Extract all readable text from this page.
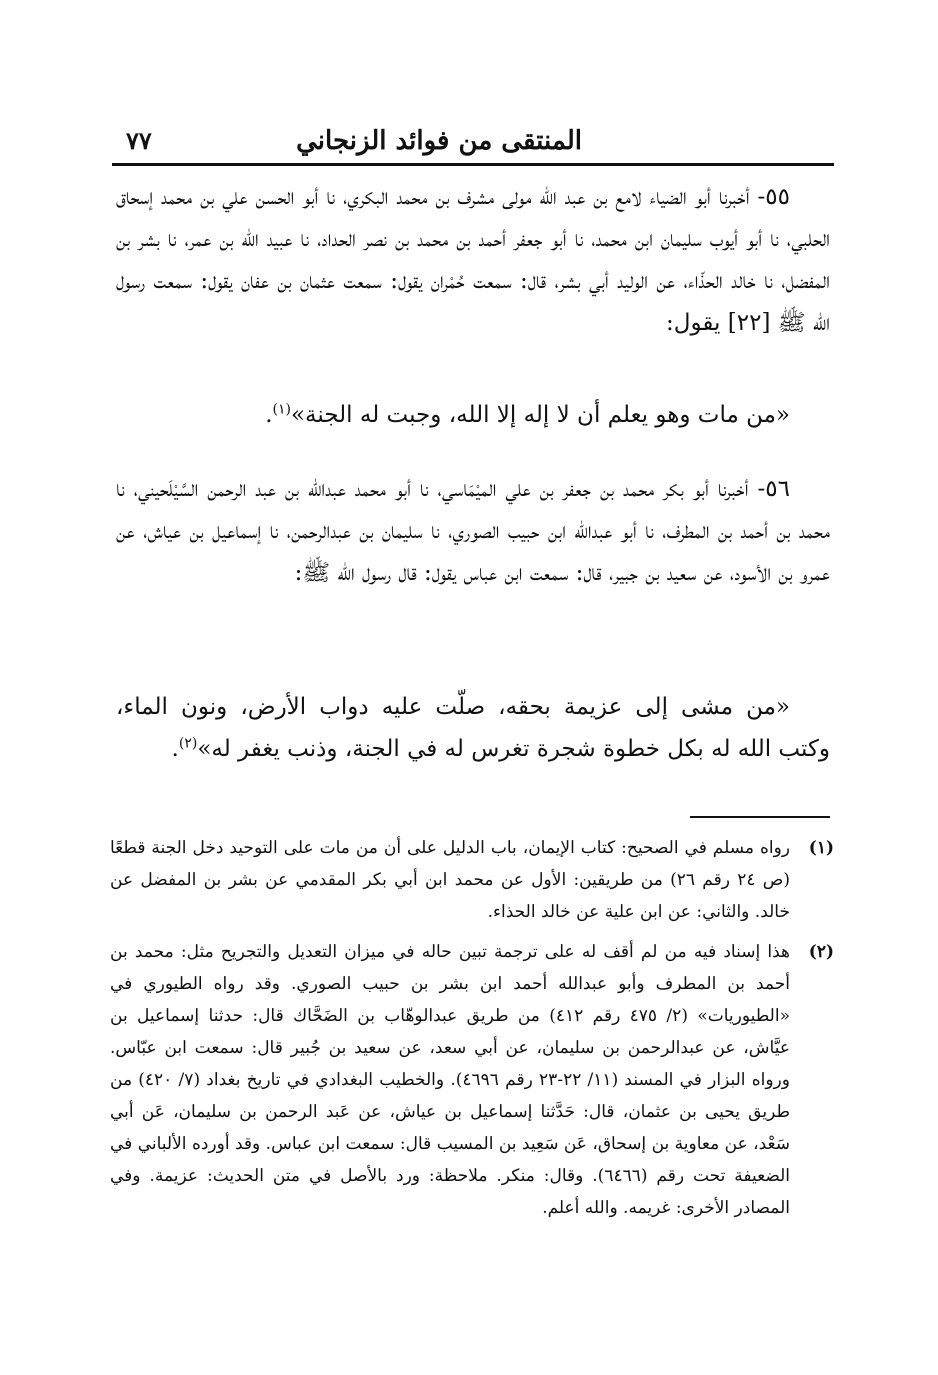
المنتقى من فوائد الزنجاني
٧٧

٥٥- أخبرنا أبو الضياء لامع بن عبد الله مولى مشرف بن محمد البكري، نا أبو الحسن علي بن محمد إسحاق الحلبي، نا أبو أيوب سليمان ابن محمد، نا أبو جعفر أحمد بن محمد بن نصر الحداد، نا عبيد الله بن عمر، نا بشر بن المفضل، نا خالد الحذّاء، عن الوليد أبي بشر، قال: سمعت حُمْران يقول: سمعت عثمان بن عفان يقول: سمعت رسول الله ﷺ [٢٢] يقول:

«من مات وهو يعلم أن لا إله إلا الله، وجبت له الجنة»$^{(١)}$.

٥٦- أخبرنا أبو بكر محمد بن جعفر بن علي الميْمَاسي، نا أبو محمد عبدالله بن عبد الرحمن السَّيْلَحيني، نا محمد بن أحمد بن المطرف، نا أبو عبدالله ابن حبيب الصوري، نا سليمان بن عبدالرحمن، نا إسماعيل بن عياش، عن عمرو بن الأسود، عن سعيد بن جبير، قال: سمعت ابن عباس يقول: قال رسول الله ﷺ:

«من مشى إلى عزيمة بحقه، صلّت عليه دواب الأرض، ونون الماء، وكتب الله له بكل خطوة شجرة تغرس له في الجنة، وذنب يغفر له»$^{(٢)}$.

(١)
رواه مسلم في الصحيح: كتاب الإيمان، باب الدليل على أن من مات على التوحيد دخل الجنة قطعًا (ص ٢٤ رقم ٢٦) من طريقين: الأول عن محمد ابن أبي بكر المقدمي عن بشر بن المفضل عن خالد. والثاني: عن ابن علية عن خالد الحذاء.
(٢)
هذا إسناد فيه من لم أقف له على ترجمة تبين حاله في ميزان التعديل والتجريح مثل: محمد بن أحمد بن المطرف وأبو عبدالله أحمد ابن بشر بن حبيب الصوري. وقد رواه الطيوري في «الطيوريات» (٢/ ٤٧٥ رقم ٤١٢) من طريق عبدالوهّاب بن الضَحَّاك قال: حدثنا إسماعيل بن عيَّاش، عن عبدالرحمن بن سليمان، عن أبي سعد، عن سعيد بن جُبير قال: سمعت ابن عبّاس. ورواه البزار في المسند (١١/ ٢٢-٢٣ رقم ٤٦٩٦). والخطيب البغدادي في تاريخ بغداد (٧/ ٤٢٠) من طريق يحيى بن عثمان، قال: حَدَّثنا إسماعيل بن عياش، عن عَبد الرحمن بن سليمان، عَن أبي سَعْد، عن معاوية بن إسحاق، عَن سَعِيد بن المسيب قال: سمعت ابن عباس. وقد أورده الألباني في الضعيفة تحت رقم (٦٤٦٦). وقال: منكر. ملاحظة: ورد بالأصل في متن الحديث: عزيمة. وفي المصادر الأخرى: غريمه. والله أعلم.
